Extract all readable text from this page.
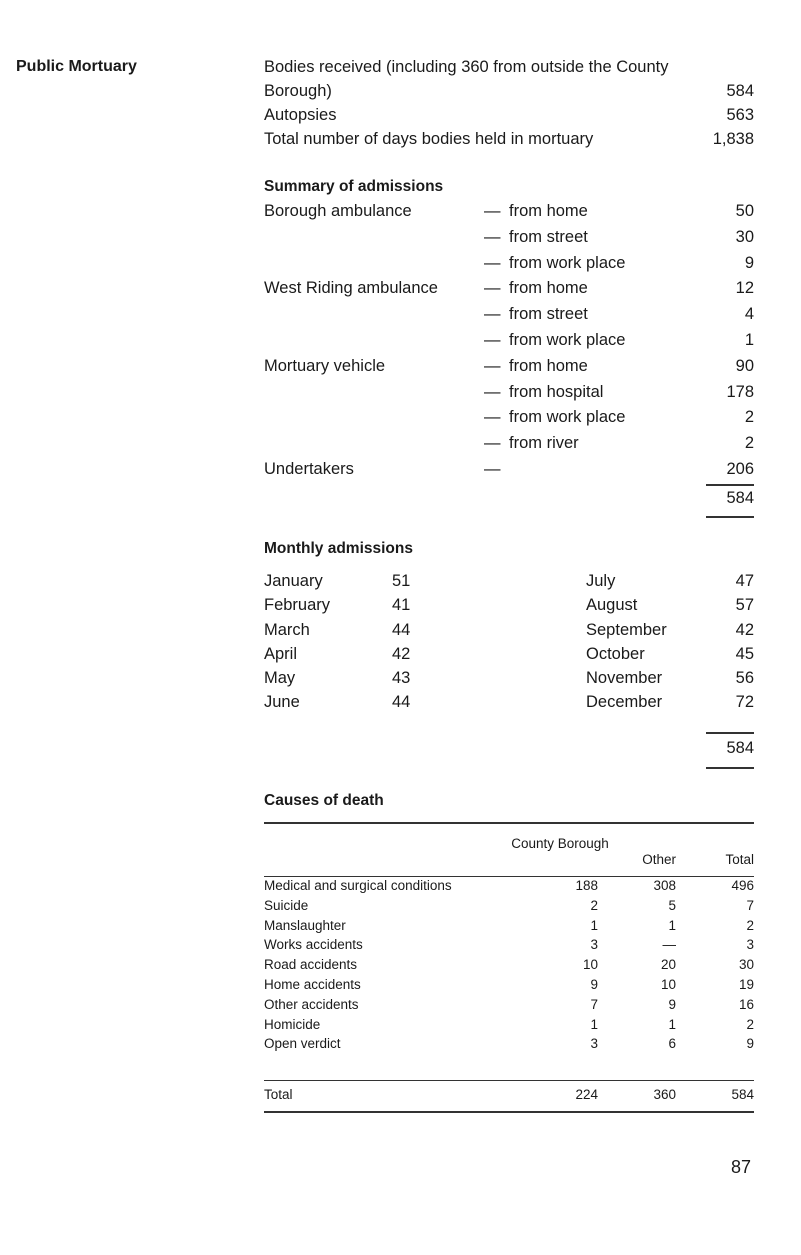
Public Mortuary	Bodies received (including 360 from outside the County
Borough)	584
Autopsies	563
Total number of days bodies held in mortuary	1,838
Summary of admissions
Borough ambulance	— from home	50
— from street	30
— from work place	9
West Riding ambulance	— from home	12
— from street	4
— from work place	1
Mortuary vehicle	— from home	90
— from hospital	178
— from work place	2
— from river	2
Undertakers	—	206
584
Monthly admissions
January	51	July	47
February	41	August	57
March	44	September	42
April	42	October	45
May	43	November	56
June	44	December	72
584
Causes of death
County Borough
Other	Total
Medical and surgical conditions	188	308	496
Suicide	2	5	7
Manslaughter	1	1	2
Works accidents	3	—	3
Road accidents	10	20	30
Home accidents	9	10	19
Other accidents	7	9	16
Homicide	1	1	2
Open verdict	3	6	9
Total	224	360	584
87
